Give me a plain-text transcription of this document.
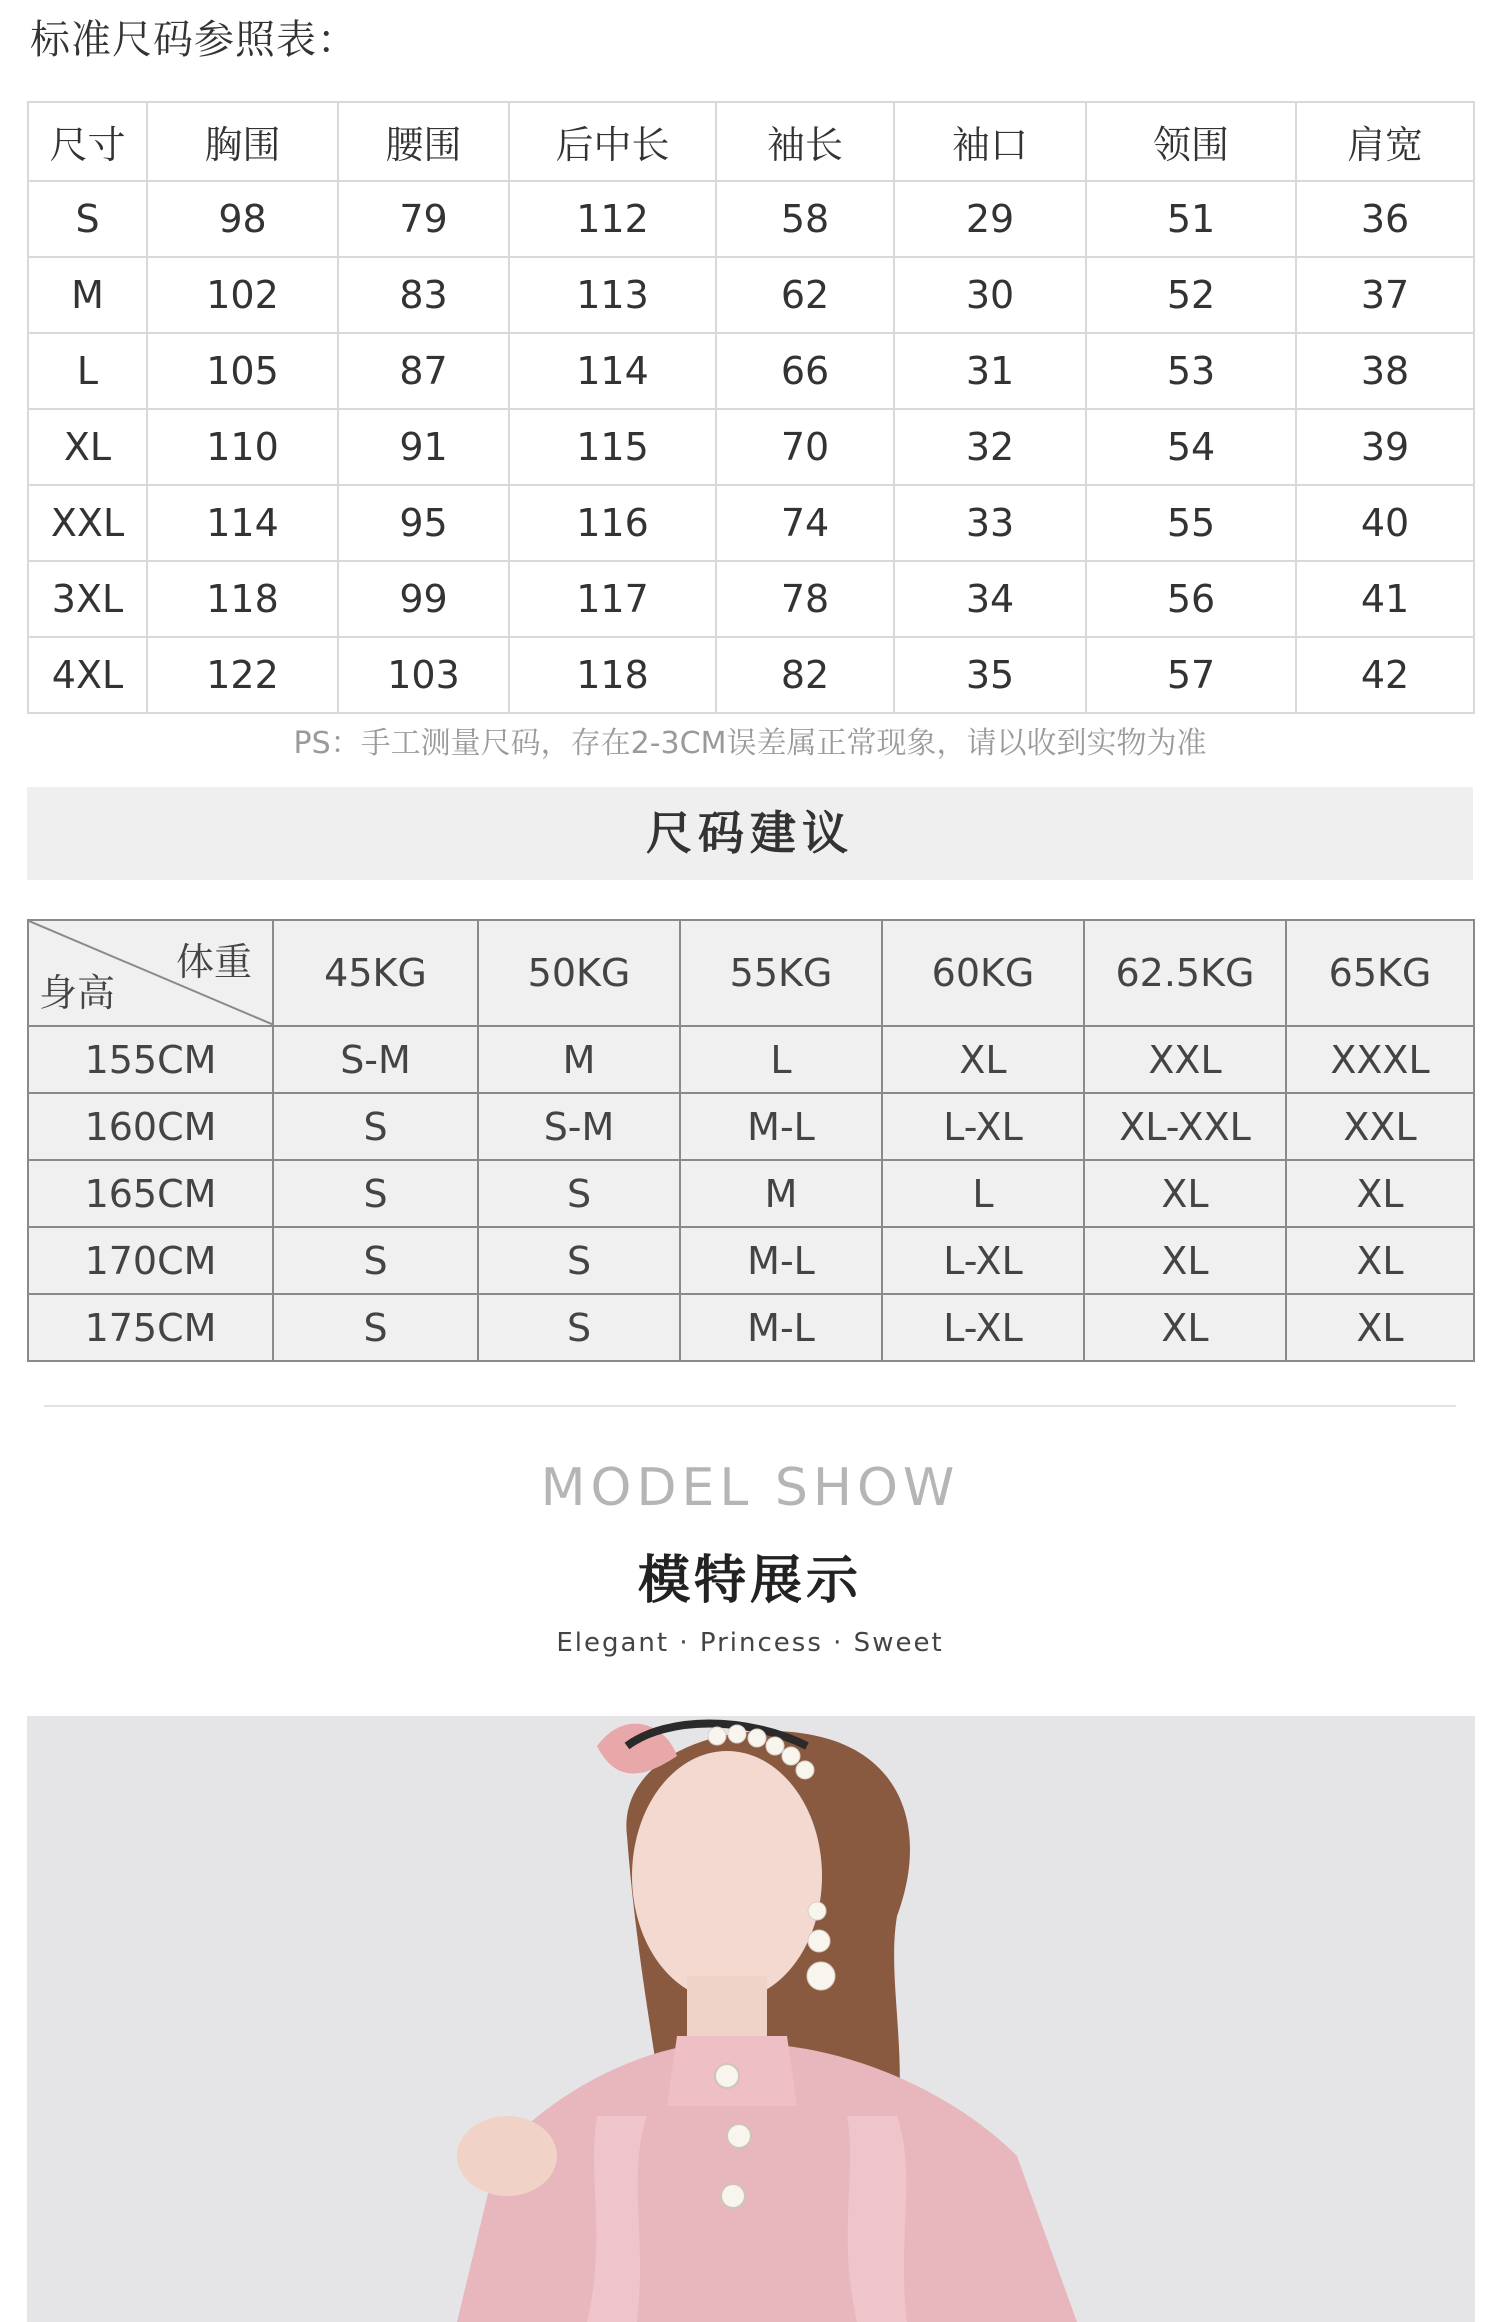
标准尺码参照表：
尺寸	胸围	腰围	后中长	袖长	袖口	领围	肩宽
S	98	79	112	58	29	51	36
M	102	83	113	62	30	52	37
L	105	87	114	66	31	53	38
XL	110	91	115	70	32	54	39
XXL	114	95	116	74	33	55	40
3XL	118	99	117	78	34	56	41
4XL	122	103	118	82	35	57	42
PS：手工测量尺码，存在2-3CM误差属正常现象，请以收到实物为准
尺码建议
体重
身高	45KG	50KG	55KG	60KG	62.5KG	65KG
155CM	S-M	M	L	XL	XXL	XXXL
160CM	S	S-M	M-L	L-XL	XL-XXL	XXL
165CM	S	S	M	L	XL	XL
170CM	S	S	M-L	L-XL	XL	XL
175CM	S	S	M-L	L-XL	XL	XL
MODEL SHOW
模特展示
Elegant · Princess · Sweet
